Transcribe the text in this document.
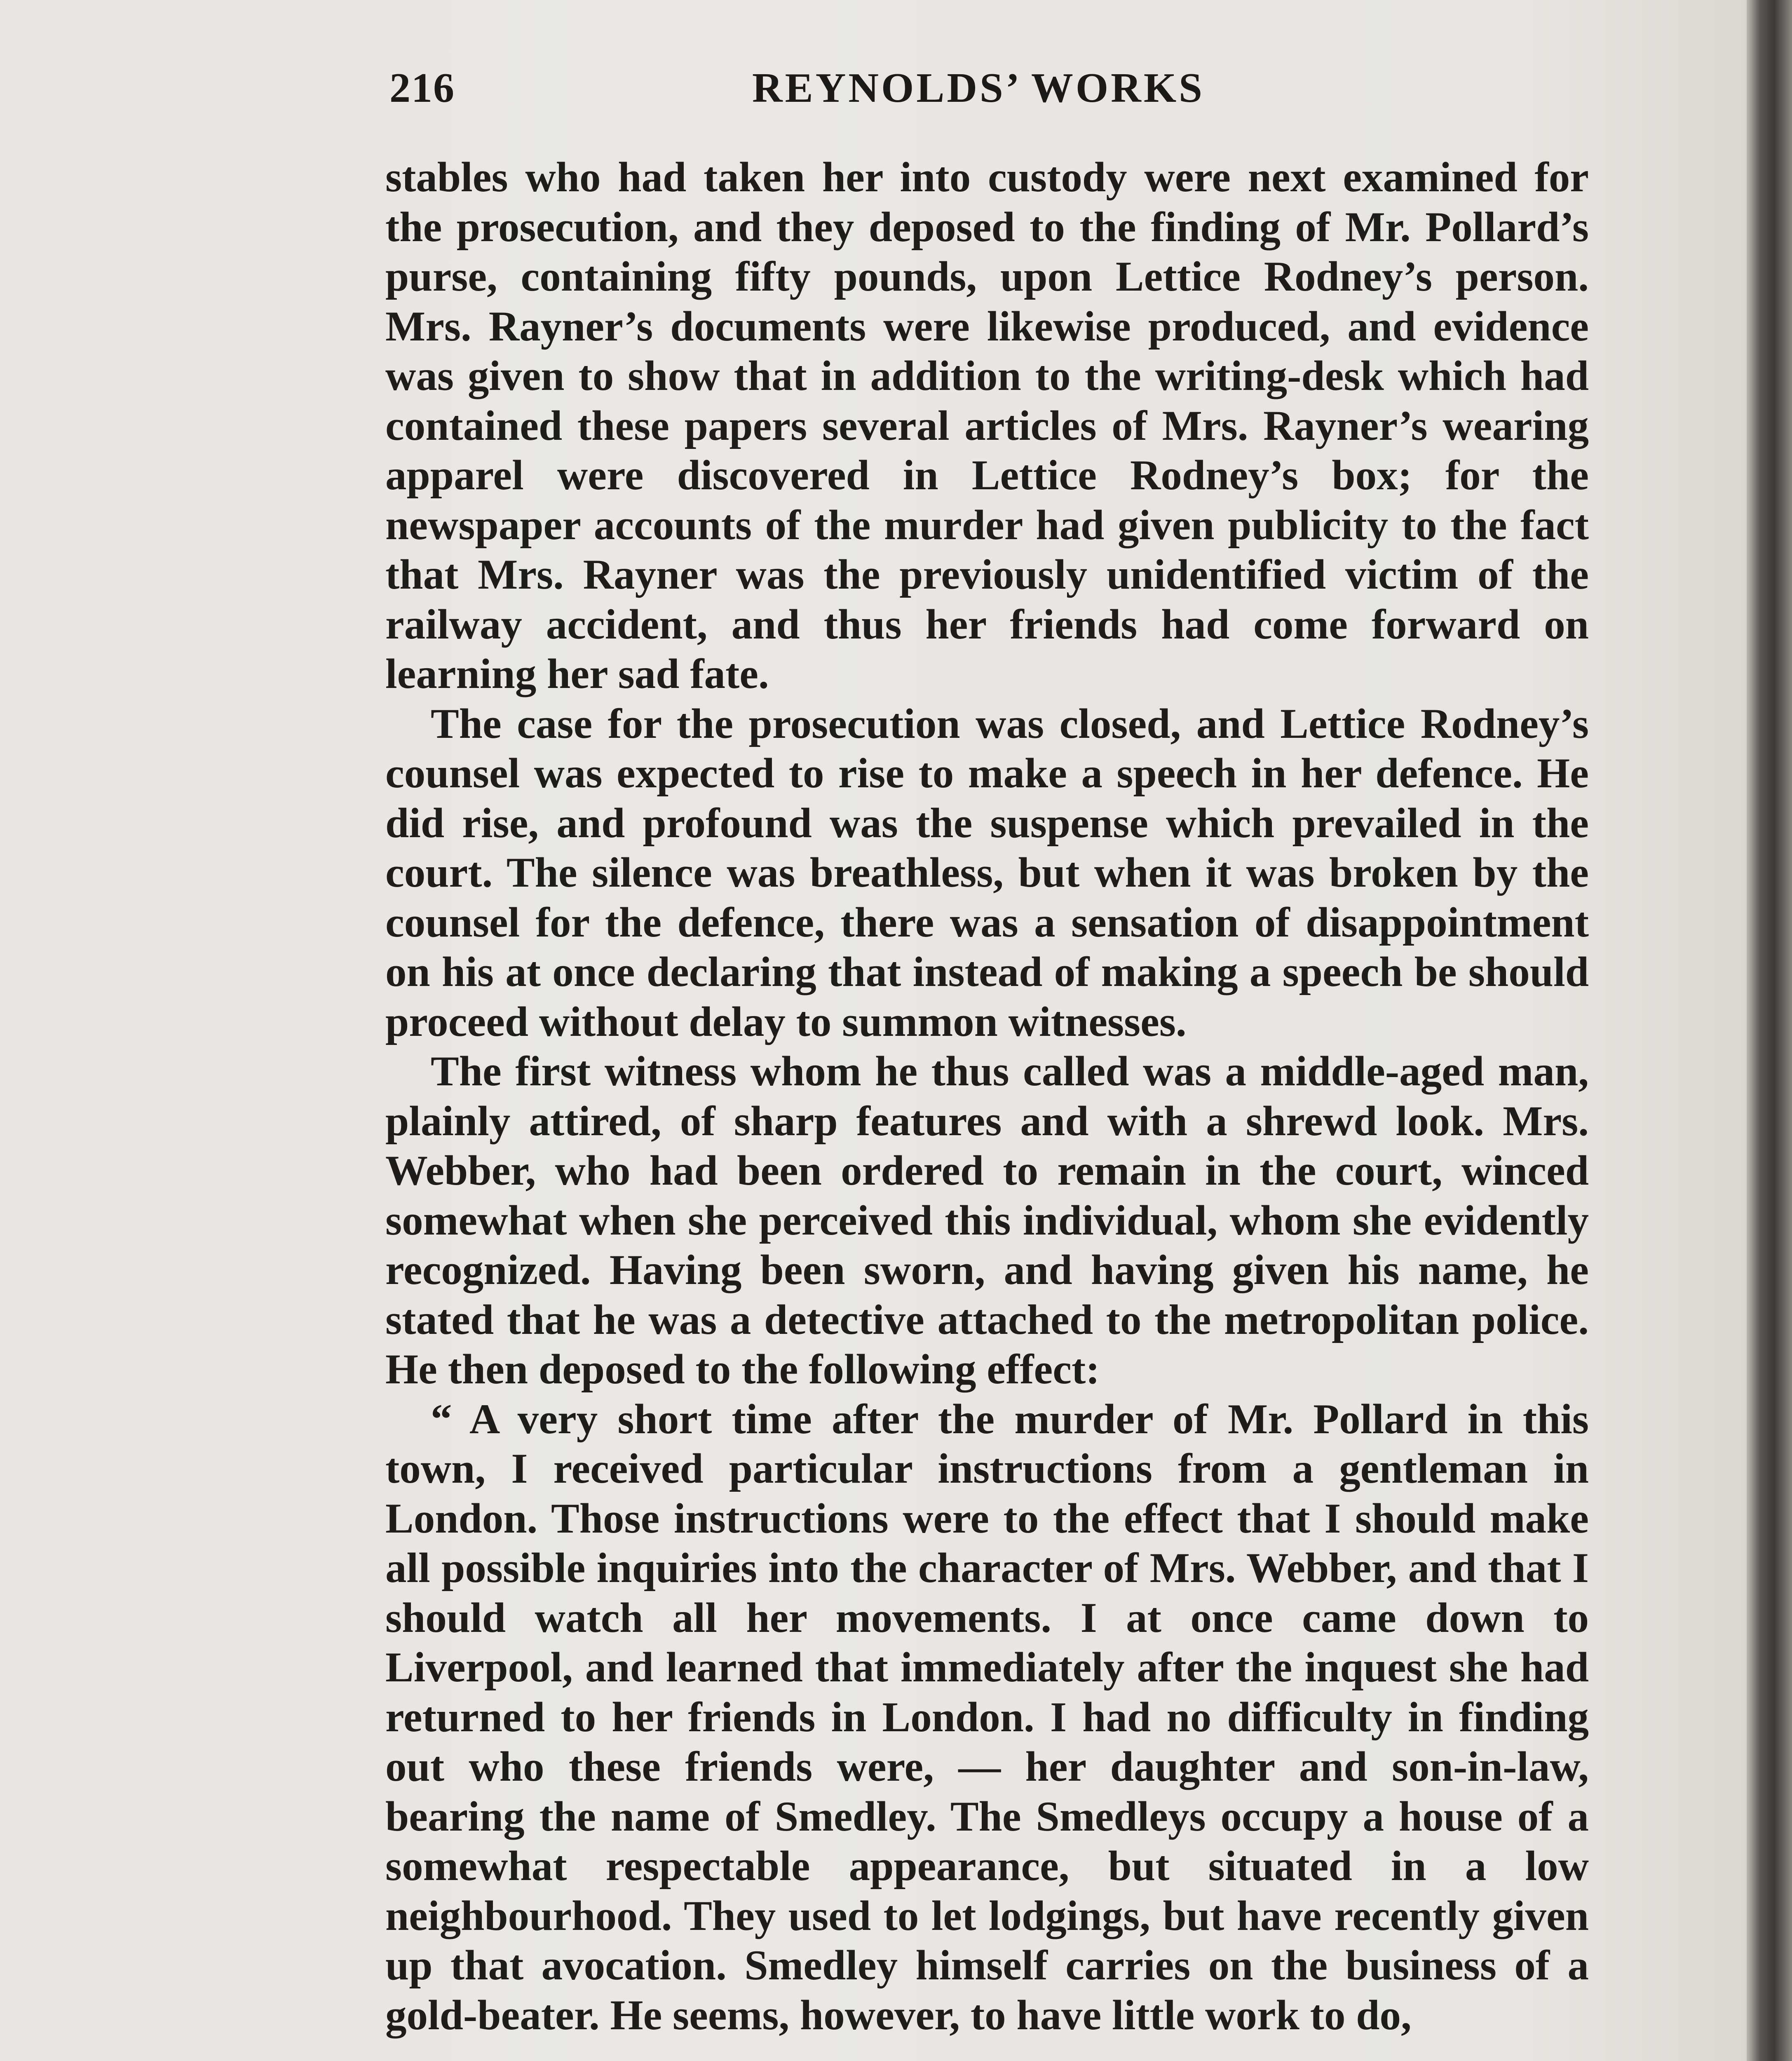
216	REYNOLDS’ WORKS

stables who had taken her into custody were next examined for the prosecution, and they deposed to the finding of Mr. Pollard’s purse, containing fifty pounds, upon Lettice Rodney’s person. Mrs. Rayner’s documents were likewise produced, and evidence was given to show that in addition to the writing-desk which had contained these papers several articles of Mrs. Rayner’s wearing apparel were discovered in Lettice Rodney’s box; for the newspaper accounts of the murder had given publicity to the fact that Mrs. Rayner was the previously unidentified victim of the railway accident, and thus her friends had come forward on learning her sad fate.

The case for the prosecution was closed, and Lettice Rodney’s counsel was expected to rise to make a speech in her defence. He did rise, and profound was the suspense which prevailed in the court. The silence was breathless, but when it was broken by the counsel for the defence, there was a sensation of disappointment on his at once declaring that instead of making a speech be should proceed without delay to summon witnesses.

The first witness whom he thus called was a middle-aged man, plainly attired, of sharp features and with a shrewd look. Mrs. Webber, who had been ordered to remain in the court, winced somewhat when she perceived this individual, whom she evidently recognized. Having been sworn, and having given his name, he stated that he was a detective attached to the metropolitan police. He then deposed to the following effect:

“ A very short time after the murder of Mr. Pollard in this town, I received particular instructions from a gentleman in London. Those instructions were to the effect that I should make all possible inquiries into the character of Mrs. Webber, and that I should watch all her movements. I at once came down to Liverpool, and learned that immediately after the inquest she had returned to her friends in London. I had no difficulty in finding out who these friends were, — her daughter and son-in-law, bearing the name of Smedley. The Smedleys occupy a house of a somewhat respectable appearance, but situated in a low neighbourhood. They used to let lodgings, but have recently given up that avocation. Smedley himself carries on the business of a gold-beater. He seems, however, to have little work to do,
